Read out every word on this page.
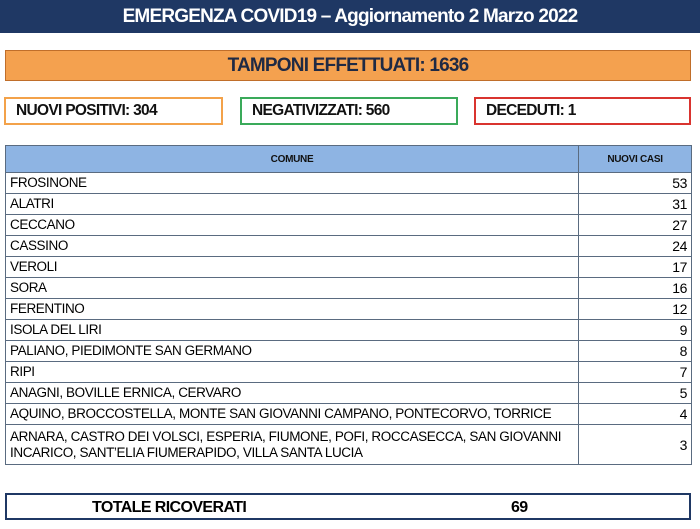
EMERGENZA COVID19 – Aggiornamento 2 Marzo 2022
TAMPONI EFFETTUATI: 1636
NUOVI POSITIVI: 304	NEGATIVIZZATI: 560	DECEDUTI: 1
COMUNE	NUOVI CASI
FROSINONE	53
ALATRI	31
CECCANO	27
CASSINO	24
VEROLI	17
SORA	16
FERENTINO	12
ISOLA DEL LIRI	9
PALIANO, PIEDIMONTE SAN GERMANO	8
RIPI	7
ANAGNI, BOVILLE ERNICA, CERVARO	5
AQUINO, BROCCOSTELLA, MONTE SAN GIOVANNI CAMPANO, PONTECORVO, TORRICE	4
ARNARA, CASTRO DEI VOLSCI, ESPERIA, FIUMONE, POFI, ROCCASECCA, SAN GIOVANNI INCARICO, SANT’ELIA FIUMERAPIDO, VILLA SANTA LUCIA	3
TOTALE RICOVERATI	69
